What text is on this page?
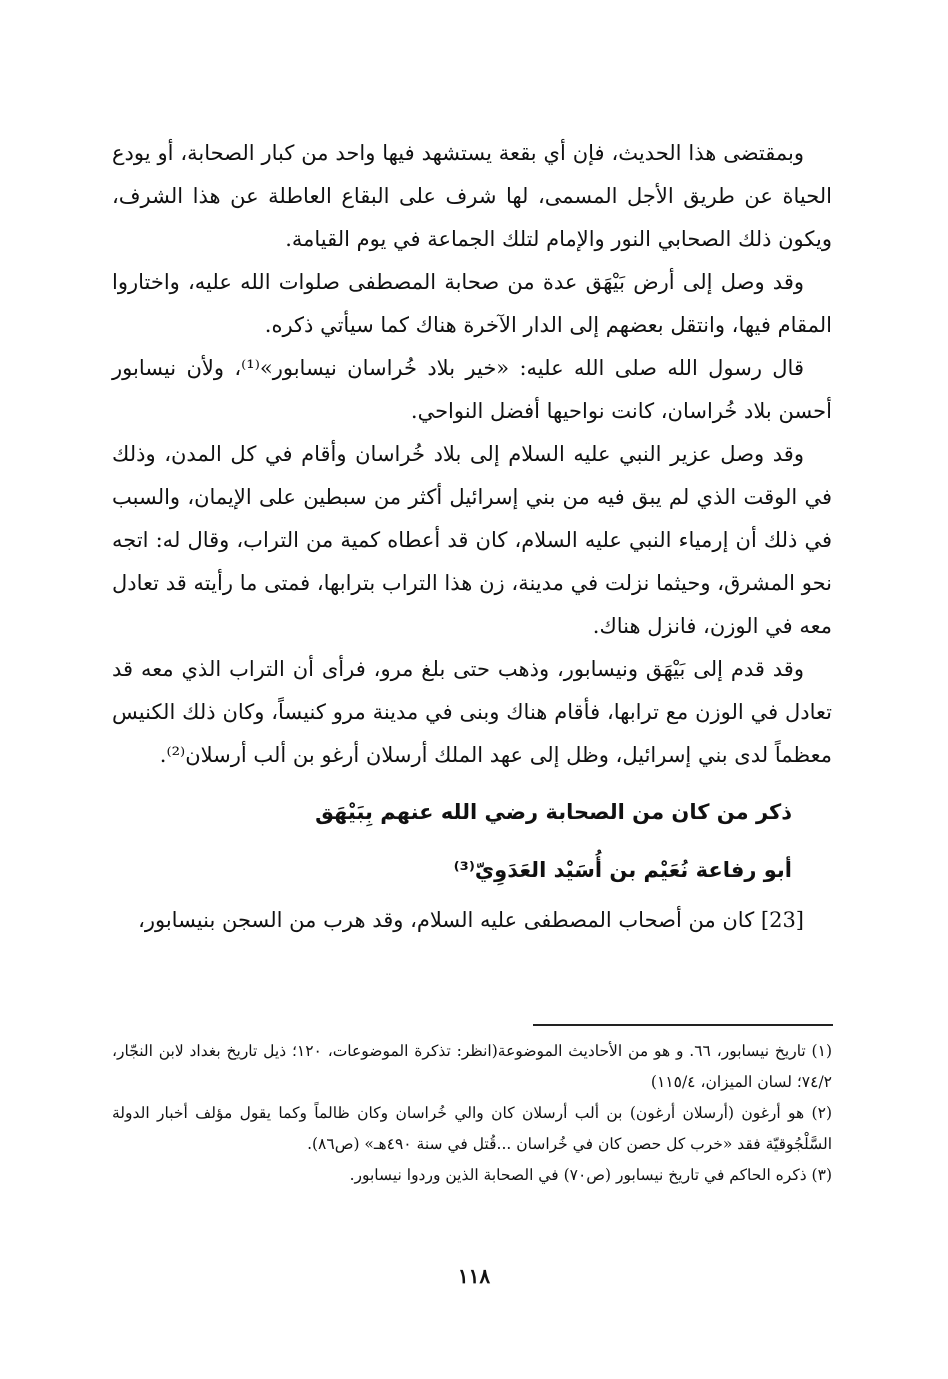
وبمقتضى هذا الحديث، فإن أي بقعة يستشهد فيها واحد من كبار الصحابة، أو يودع الحياة عن طريق الأجل المسمى، لها شرف على البقاع العاطلة عن هذا الشرف، ويكون ذلك الصحابي النور والإمام لتلك الجماعة في يوم القيامة.

وقد وصل إلى أرض بَيْهَق عدة من صحابة المصطفى صلوات الله عليه، واختاروا المقام فيها، وانتقل بعضهم إلى الدار الآخرة هناك كما سيأتي ذكره.

قال رسول الله صلى الله عليه: «خير بلاد خُراسان نيسابور»⁽¹⁾، ولأن نيسابور أحسن بلاد خُراسان، كانت نواحيها أفضل النواحي.

وقد وصل عزير النبي عليه السلام إلى بلاد خُراسان وأقام في كل المدن، وذلك في الوقت الذي لم يبق فيه من بني إسرائيل أكثر من سبطين على الإيمان، والسبب في ذلك أن إرمياء النبي عليه السلام، كان قد أعطاه كمية من التراب، وقال له: اتجه نحو المشرق، وحيثما نزلت في مدينة، زن هذا التراب بترابها، فمتى ما رأيته قد تعادل معه في الوزن، فانزل هناك.

وقد قدم إلى بَيْهَق ونيسابور، وذهب حتى بلغ مرو، فرأى أن التراب الذي معه قد تعادل في الوزن مع ترابها، فأقام هناك وبنى في مدينة مرو كنيساً، وكان ذلك الكنيس معظماً لدى بني إسرائيل، وظل إلى عهد الملك أرسلان أرغو بن ألب أرسلان⁽²⁾.

ذكر من كان من الصحابة رضي الله عنهم بِبَيْهَق

أبو رفاعة نُعَيْم بن أُسَيْد العَدَوِيّ⁽³⁾

[23] كان من أصحاب المصطفى عليه السلام، وقد هرب من السجن بنيسابور،

(١) تاريخ نيسابور، ٦٦. و هو من الأحاديث الموضوعة(انظر: تذكرة الموضوعات، ١٢٠؛ ذيل تاريخ بغداد لابن النجّار، ٧٤/٢؛ لسان الميزان، ١١٥/٤)

(٢) هو أرغون (أرسلان أرغون) بن ألب أرسلان كان والي خُراسان وكان ظالماً وكما يقول مؤلف أخبار الدولة السَّلْجُوقيّة فقد «خرب كل حصن كان في خُراسان ...قُتل في سنة ٤٩٠هـ» (ص٨٦).

(٣) ذكره الحاكم في تاريخ نيسابور (ص٧٠) في الصحابة الذين وردوا نيسابور.

١١٨
